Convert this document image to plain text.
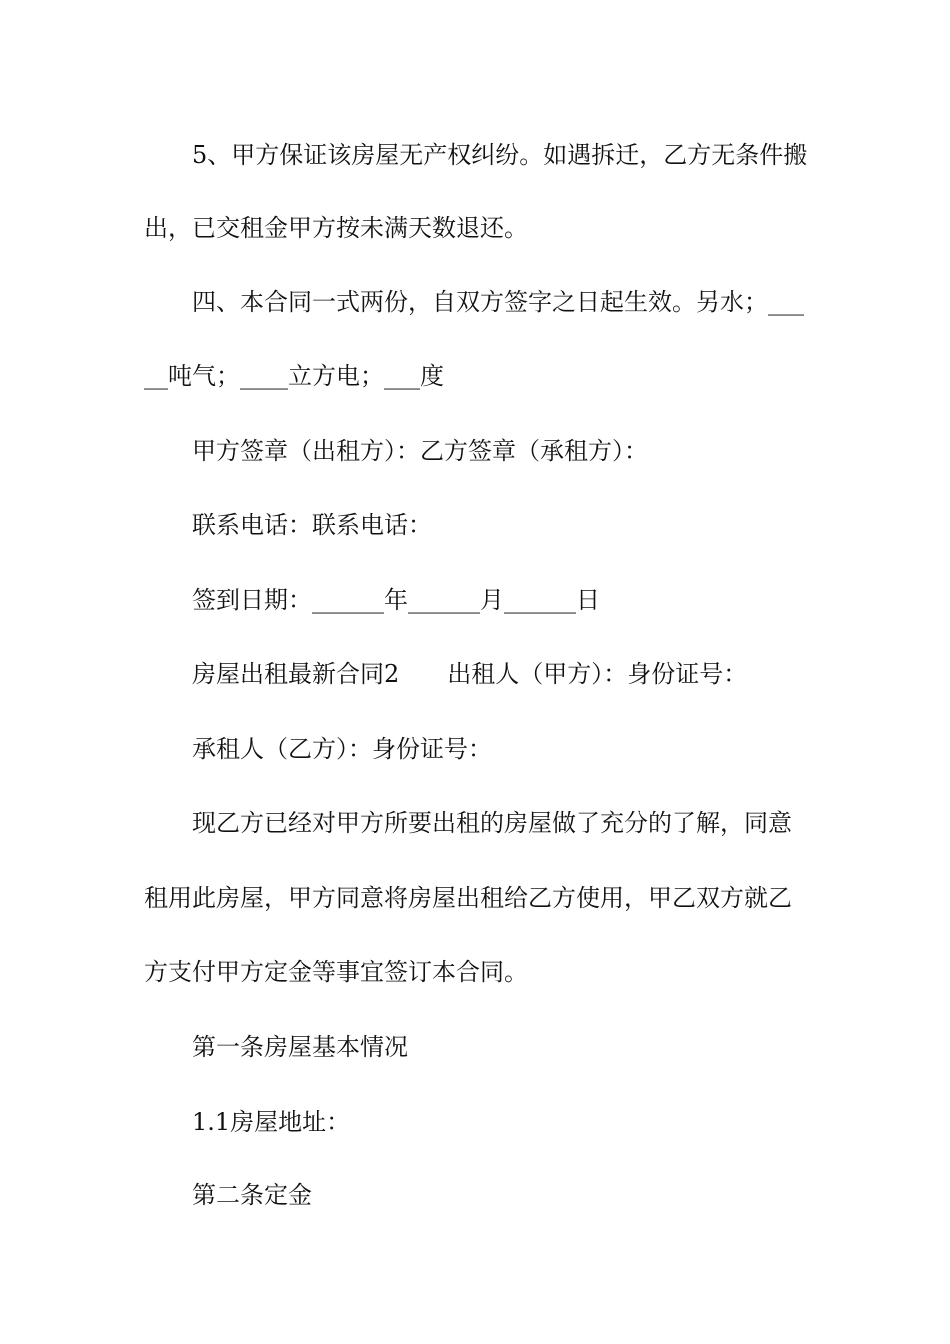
5、甲方保证该房屋无产权纠纷。如遇拆迁，乙方无条件搬
出，已交租金甲方按未满天数退还。
四、本合同一式两份，自双方签字之日起生效。另水；___
__吨气；____立方电；___度
甲方签章（出租方）：乙方签章（承租方）：
联系电话：联系电话：
签到日期：______年______月______日
房屋出租最新合同2 出租人（甲方）：身份证号：
承租人（乙方）：身份证号：
现乙方已经对甲方所要出租的房屋做了充分的了解，同意
租用此房屋，甲方同意将房屋出租给乙方使用，甲乙双方就乙
方支付甲方定金等事宜签订本合同。
第一条房屋基本情况
1.1房屋地址：
第二条定金
